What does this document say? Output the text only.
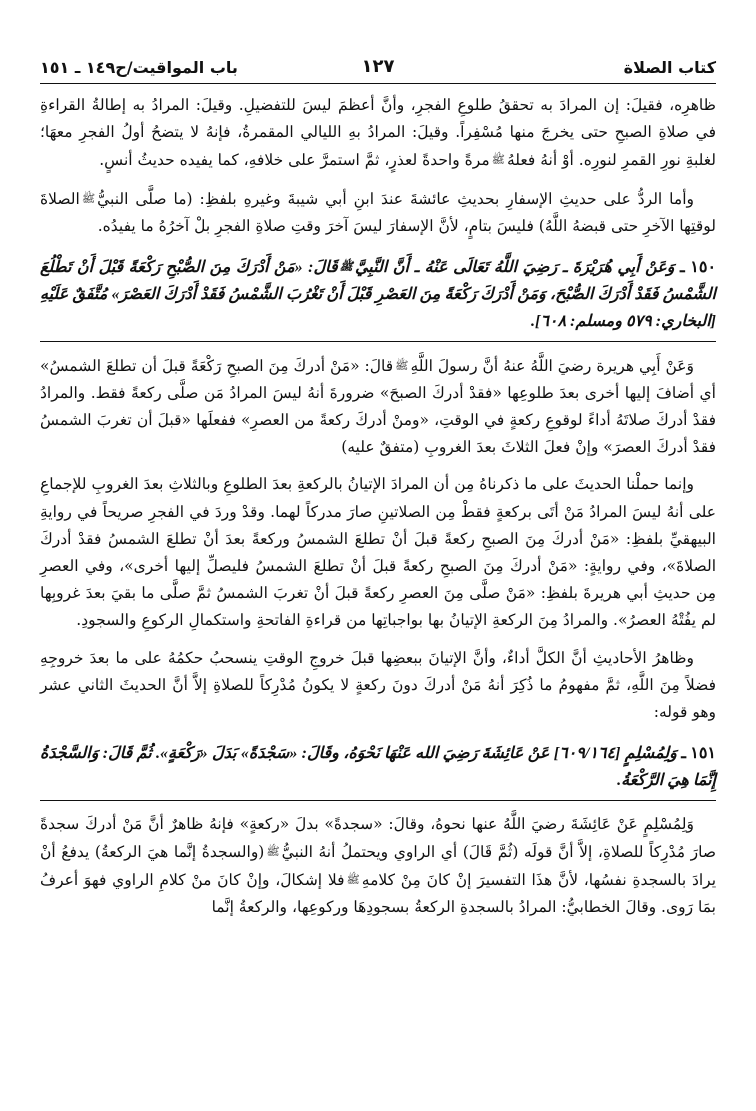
كتاب الصلاة
١٢٧
باب المواقيت/ح١٤٩ ـ ١٥١

ظاهرِه، فقيلَ: إن المرادَ به تحققُ طلوعِ الفجرِ، وأنَّ أعظمَ ليسَ للتفضيلِ. وقيلَ: المرادُ به إطالةُ القراءةِ في صلاةِ الصبحِ حتى يخرجَ منها مُسْفِراً. وقيلَ: المرادُ بهِ الليالي المقمرةُ، فإنهُ لا يتضحُ أولُ الفجرِ معهَا؛ لغلبةِ نورِ القمرِ لنورِه. أوْ أنهُ فعلهُﷺمرةً واحدةً لعذرٍ، ثمَّ استمرَّ على خلافهِ، كما يفيده حديثُ أنسٍ.

وأما الردُّ على حديثِ الإسفارِ بحديثِ عائشةَ عندَ ابنِ أبي شيبةَ وغيرهِ بلفظِ: (ما صلَّى النبيُّﷺالصلاةَ لوقتِها الآخرِ حتى قبضهُ اللَّهُ) فليسَ بتامٍ، لأنَّ الإسفارَ ليسَ آخرَ وقتِ صلاةِ الفجرِ بلْ آخرُهُ ما يفيدُه.

١٥٠ ـ وَعَنْ أَبِي هُرَيْرَةَ ـ رَضِيَ اللَّهُ تَعَالَى عَنْهُ ـ أَنَّ النَّبِيَّﷺقَالَ: «مَنْ أَدْرَكَ مِنَ الصُّبْحِ رَكْعَةً قَبْلَ أَنْ تَطْلُعَ الشَّمْسُ فَقَدْ أَدْرَكَ الصُّبْحَ، وَمَنْ أَدْرَكَ رَكْعَةً مِنَ العَصْرِ قَبْلَ أَنْ تَغْرُبَ الشَّمْسُ فَقَدْ أَدْرَكَ العَصْرَ» مُتَّفَقٌ عَلَيْهِ [البخاري: ٥٧٩ ومسلم: ٦٠٨].

وَعَنْ أَبِي هريرة رضيَ اللَّهُ عنهُ أنَّ رسولَ اللَّهِﷺقالَ: «مَنْ أدركَ مِنَ الصبحِ رَكْعَةً قبلَ أن تطلعَ الشمسُ» أي أضافَ إليها أخرى بعدَ طلوعِها «فقدْ أدركَ الصبحَ» ضرورةَ أنهُ ليسَ المرادُ مَن صلَّى ركعةً فقط. والمرادُ فقدْ أدركَ صلاتَهُ أداءً لوقوعِ ركعةٍ في الوقتِ، «ومنْ أدركَ ركعةً من العصرِ» ففعلَها «قبلَ أن تغربَ الشمسُ فقدْ أدركَ العصرَ» وإنْ فعلَ الثلاثَ بعدَ الغروبِ (متفقٌ عليه)

وإنما حملْنا الحديثَ على ما ذكرناهُ مِن أن المرادَ الإتيانُ بالركعةِ بعدَ الطلوعِ وبالثلاثِ بعدَ الغروبِ للإجماعِ على أنهُ ليسَ المرادُ مَنْ أتَى بركعةٍ فقطْ مِن الصلاتينِ صارَ مدركاً لهما. وقدْ وردَ في الفجرِ صريحاً في روايةِ البيهقيِّ بلفظِ: «مَنْ أدركَ مِنَ الصبحِ ركعةً قبلَ أنْ تطلعَ الشمسُ وركعةً بعدَ أنْ تطلعَ الشمسُ فقدْ أدركَ الصلاةَ»، وفي روايةٍ: «مَنْ أدركَ مِنَ الصبحِ ركعةً قبلَ أنْ تطلعَ الشمسُ فليصلِّ إليها أخرى»، وفي العصرِ مِن حديثِ أبي هريرةَ بلفظِ: «مَنْ صلَّى مِنَ العصرِ ركعةً قبلَ أنْ تغربَ الشمسُ ثمَّ صلَّى ما بقيَ بعدَ غروبِها لم يفُتْهُ العصرُ». والمرادُ مِنَ الركعةِ الإتيانُ بها بواجباتِها من قراءةِ الفاتحةِ واستكمالِ الركوعِ والسجودِ.

وظاهرُ الأحاديثِ أنَّ الكلَّ أداءٌ، وأنَّ الإتيانَ ببعضِها قبلَ خروجِ الوقتِ ينسحبُ حكمُهُ على ما بعدَ خروجِهِ فضلاً مِنَ اللَّهِ، ثمَّ مفهومُ ما ذُكِرَ أنهُ مَنْ أدركَ دونَ ركعةٍ لا يكونُ مُدْرِكاً للصلاةِ إلاَّ أنَّ الحديثَ الثاني عشر وهو قوله:

١٥١ ـ وَلِمُسْلِمٍ [٦٠٩/١٦٤] عَنْ عَائِشَةَ رَضِيَ الله عَنْهَا نَحْوَهُ، وقَالَ: «سَجْدَةً» بَدَلَ «رَكْعَةٍ». ثُمَّ قَالَ: وَالسَّجْدَةُ إِنَّمَا هِيَ الرَّكْعَةُ.

وَلِمُسْلِمٍ عَنْ عَائِشَةَ رضيَ اللَّهُ عنها نحوهُ، وقالَ: «سجدةً» بدلَ «ركعةٍ» فإنهُ ظاهرٌ أنَّ مَنْ أدركَ سجدةً صارَ مُدْرِكاً للصلاةِ، إلاَّ أنَّ قولَه (ثُمَّ قَالَ) أي الراوي ويحتملُ أنهُ النبيُّﷺ(والسجدةُ إنَّما هيَ الركعةُ) يدفعُ أنْ يرادَ بالسجدةِ نفسُها، لأنَّ هذَا التفسيرَ إنْ كانَ مِنْ كلامهِﷺفلا إشكالَ، وإنْ كانَ منْ كلامِ الراوي فهوَ أعرفُ بمَا رَوى. وقالَ الخطابيُّ: المرادُ بالسجدةِ الركعةُ بسجودِهَا وركوعِها، والركعةُ إنَّما
